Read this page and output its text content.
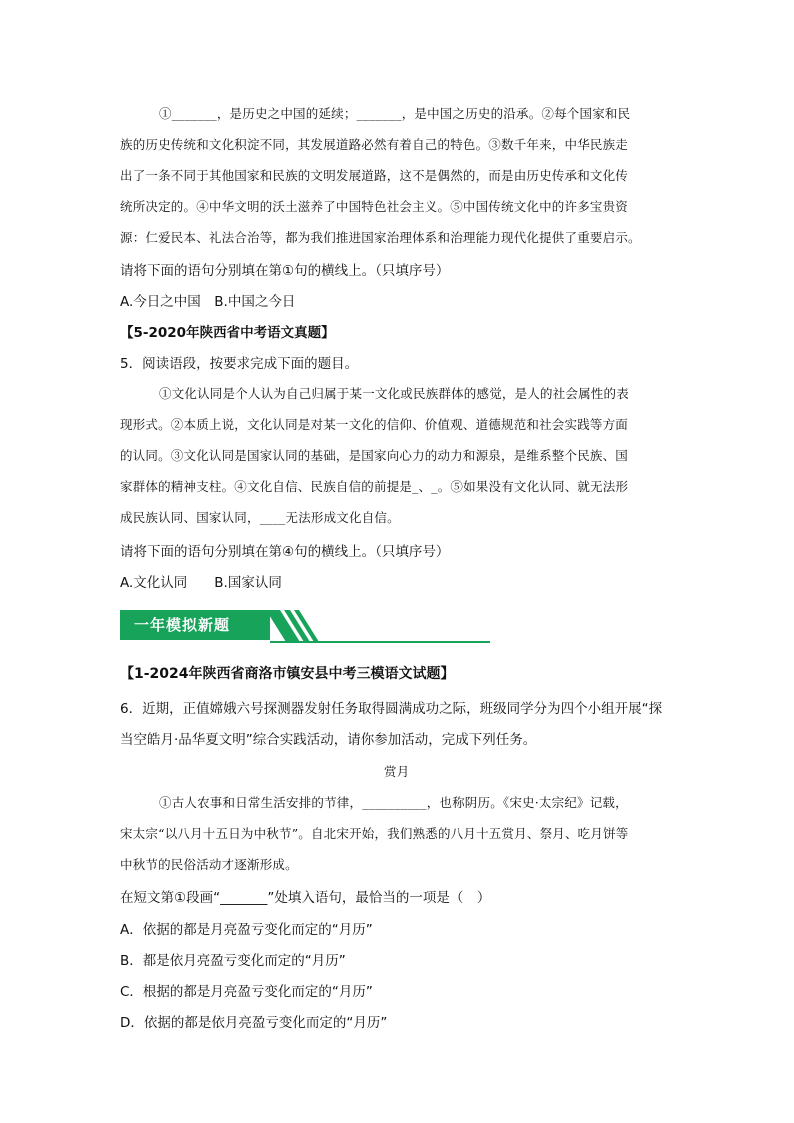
①_______，是历史之中国的延续；_______，是中国之历史的沿承。②每个国家和民
族的历史传统和文化积淀不同，其发展道路必然有着自己的特色。③数千年来，中华民族走
出了一条不同于其他国家和民族的文明发展道路，这不是偶然的，而是由历史传承和文化传
统所决定的。④中华文明的沃土滋养了中国特色社会主义。⑤中国传统文化中的许多宝贵资
源：仁爱民本、礼法合治等，都为我们推进国家治理体系和治理能力现代化提供了重要启示。
请将下面的语句分别填在第①句的横线上。（只填序号）
A.今日之中国　B.中国之今日
【5-2020年陕西省中考语文真题】
5．阅读语段，按要求完成下面的题目。
①文化认同是个人认为自己归属于某一文化或民族群体的感觉，是人的社会属性的表
现形式。②本质上说，文化认同是对某一文化的信仰、价值观、道德规范和社会实践等方面
的认同。③文化认同是国家认同的基础，是国家向心力的动力和源泉，是维系整个民族、国
家群体的精神支柱。④文化自信、民族自信的前提是_、_。⑤如果没有文化认同、就无法形
成民族认同、国家认同，____无法形成文化自信。
请将下面的语句分别填在第④句的横线上。（只填序号）
A.文化认同　　B.国家认同
一年模拟新题
【1-2024年陕西省商洛市镇安县中考三模语文试题】
6．近期，正值嫦娥六号探测器发射任务取得圆满成功之际，班级同学分为四个小组开展“探
当空皓月·品华夏文明”综合实践活动，请你参加活动，完成下列任务。
赏月
①古人农事和日常生活安排的节律，__________，也称阴历。《宋史·太宗纪》记载，
宋太宗“以八月十五日为中秋节”。自北宋开始，我们熟悉的八月十五赏月、祭月、吃月饼等
中秋节的民俗活动才逐渐形成。
在短文第①段画“_______”处填入语句，最恰当的一项是（　）
A．依据的都是月亮盈亏变化而定的“月历”
B．都是依月亮盈亏变化而定的“月历”
C．根据的都是月亮盈亏变化而定的“月历”
D．依据的都是依月亮盈亏变化而定的“月历”
